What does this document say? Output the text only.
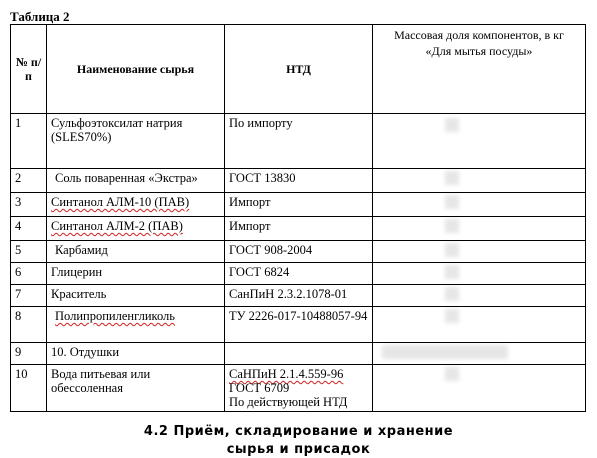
Таблица 2
№ п/п	Наименование сырья	НТД	Массовая доля компонентов, в кг
«Для мытья посуды»

1	Сульфоэтоксилат натрия (SLES70%)	По импорту	
2	Соль поваренная «Экстра»	ГОСТ 13830	
3	Синтанол АЛМ-10 (ПАВ)	Импорт	
4	Синтанол АЛМ-2 (ПАВ)	Импорт	
5	Карбамид	ГОСТ 908-2004	
6	Глицерин	ГОСТ 6824	
7	Краситель	СанПиН 2.3.2.1078-01	
8	Полипропиленгликоль	ТУ 2226-017-10488057-94	
9	10. Отдушки		
10	Вода питьевая или обессоленная	СаНПиН 2.1.4.559-96
ГОСТ 6709
По действующей НТД	

4.2 Приём, складирование и хранение
сырья и присадок
